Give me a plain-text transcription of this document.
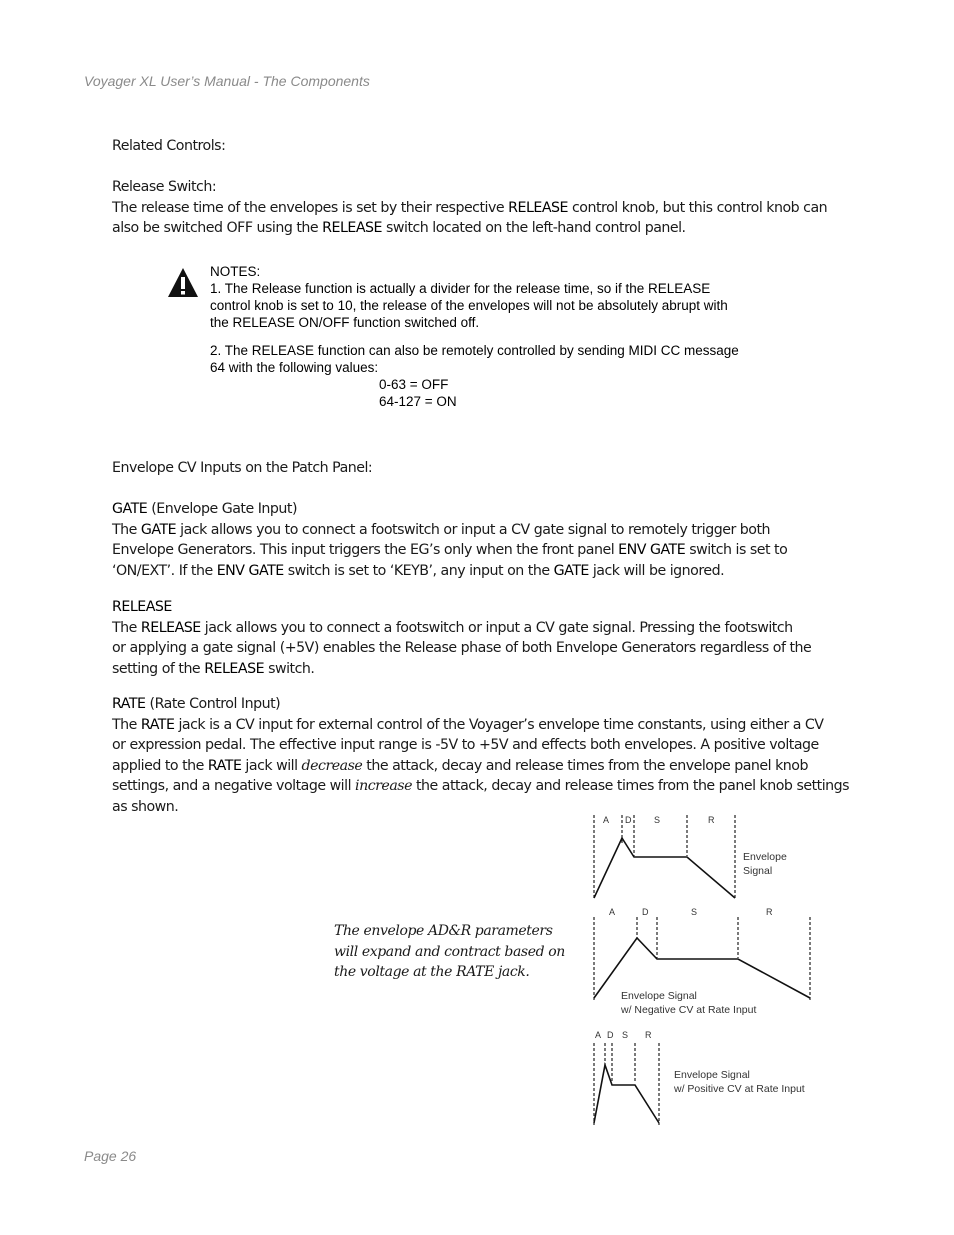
Voyager XL User’s Manual - The Components
Related Controls:

Release Switch:

The release time of the envelopes is set by their respective RELEASE control knob, but this control knob can

also be switched OFF using the RELEASE switch located on the left-hand control panel.

NOTES:

1. The Release function is actually a divider for the release time, so if the RELEASE

control knob is set to 10, the release of the envelopes will not be absolutely abrupt with

the RELEASE ON/OFF function switched off.

2. The RELEASE function can also be remotely controlled by sending MIDI CC message

64 with the following values:

0-63 = OFF

64-127 = ON

Envelope CV Inputs on the Patch Panel:

GATE (Envelope Gate Input)

The GATE jack allows you to connect a footswitch or input a CV gate signal to remotely trigger both

Envelope Generators. This input triggers the EG’s only when the front panel ENV GATE switch is set to

‘ON/EXT’. If the ENV GATE switch is set to ‘KEYB’, any input on the GATE jack will be ignored.

RELEASE

The RELEASE jack allows you to connect a footswitch or input a CV gate signal. Pressing the footswitch

or applying a gate signal (+5V) enables the Release phase of both Envelope Generators regardless of the

setting of the RELEASE switch.

RATE (Rate Control Input)

The RATE jack is a CV input for external control of the Voyager’s envelope time constants, using either a CV

or expression pedal. The effective input range is -5V to +5V and effects both envelopes. A positive voltage

applied to the RATE jack will decrease the attack, decay and release times from the envelope panel knob

settings, and a negative voltage will increase the attack, decay and release times from the panel knob settings

as shown.

The envelope AD&R parameters

will expand and contract based on

the voltage at the RATE jack.

A D	S	R
Envelope
Signal
A	D	S	R
Envelope Signal
w/ Negative CV at Rate Input
A D S R
Envelope Signal
w/ Positive CV at Rate Input
Page 26
